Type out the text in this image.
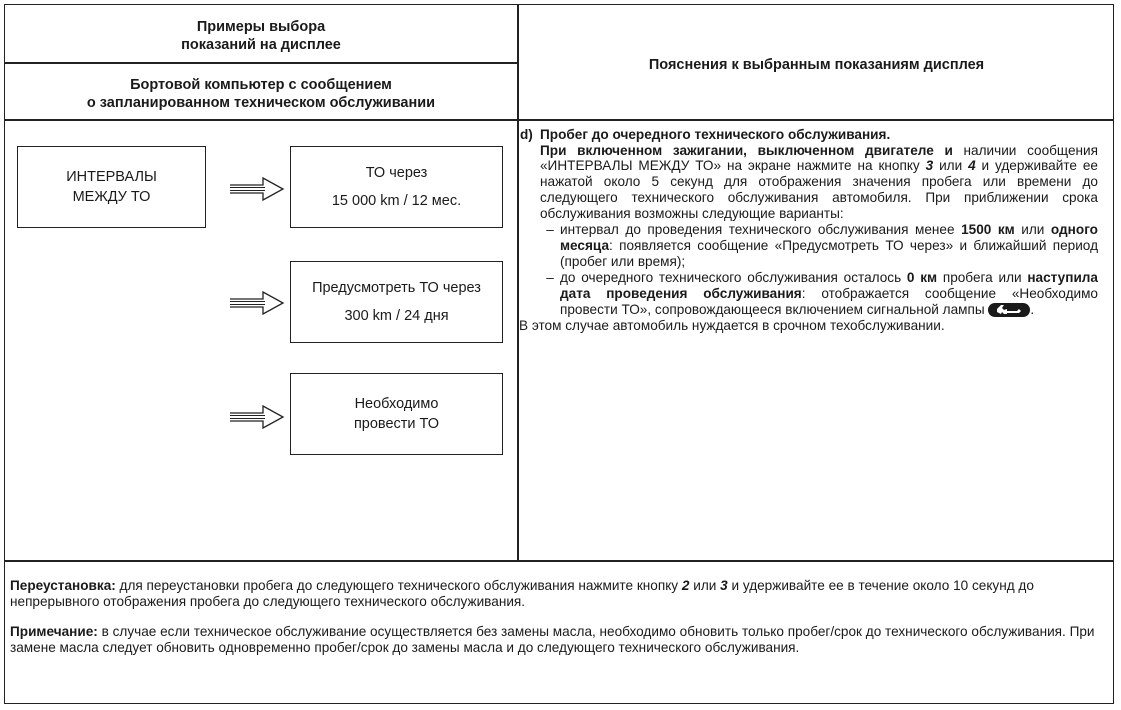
Примеры выбора
показаний на дисплее
Бортовой компьютер с сообщением
о запланированном техническом обслуживании
Пояснения к выбранным показаниям дисплея
ИНТЕРВАЛЫ
МЕЖДУ ТО
ТО через
15 000 km / 12 мес.
Предусмотреть ТО через
300 km / 24 дня
Необходимо
провести ТО
d) Пробег до очередного технического обслуживания.
При включенном зажигании, выключенном двигателе и наличии сообщения «ИНТЕРВАЛЫ МЕЖДУ ТО» на экране нажмите на кнопку 3 или 4 и удерживайте ее нажатой около 5 секунд для отображения значения пробега или времени до следующего технического обслуживания автомобиля. При приближении срока обслуживания возможны следующие варианты:
– интервал до проведения технического обслуживания менее 1500 км или одного месяца: появляется сообщение «Предусмотреть ТО через» и ближайший период (пробег или время);
– до очередного технического обслуживания осталось 0 км пробега или наступила дата проведения обслуживания: отображается сообщение «Необходимо провести ТО», сопровождающееся включением сигнальной лампы	.
В этом случае автомобиль нуждается в срочном техобслуживании.
Переустановка: для переустановки пробега до следующего технического обслуживания нажмите кнопку 2 или 3 и удерживайте ее в течение около 10 секунд до непрерывного отображения пробега до следующего технического обслуживания.
Примечание: в случае если техническое обслуживание осуществляется без замены масла, необходимо обновить только пробег/срок до технического обслуживания. При замене масла следует обновить одновременно пробег/срок до замены масла и до следующего технического обслуживания.
